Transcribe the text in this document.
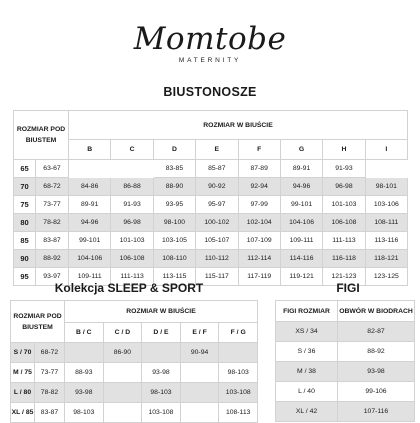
Momtobe
MATERNITY
BIUSTONOSZE
ROZMIAR POD BIUSTEM		ROZMIAR W BIUŚCIE							
		B	C	D	E	F	G	H	I
65	63-67			83-85	85-87	87-89	89-91	91-93	
70	68-72	84-86	86-88	88-90	90-92	92-94	94-96	96-98	98-101
75	73-77	89-91	91-93	93-95	95-97	97-99	99-101	101-103	103-106
80	78-82	94-96	96-98	98-100	100-102	102-104	104-106	106-108	108-111
85	83-87	99-101	101-103	103-105	105-107	107-109	109-111	111-113	113-116
90	88-92	104-106	106-108	108-110	110-112	112-114	114-116	116-118	118-121
95	93-97	109-111	111-113	113-115	115-117	117-119	119-121	121-123	123-125
Kolekcja SLEEP & SPORT
ROZMIAR POD BIUSTEM		ROZMIAR W BIUŚCIE				
		B / C	C / D	D / E	E / F	F / G
S / 70	68-72		86-90		90-94	
M / 75	73-77	88-93		93-98		98-103
L / 80	78-82	93-98		98-103		103-108
XL / 85	83-87	98-103		103-108		108-113
FIGI
FIGI ROZMIAR	OBWÓR W BIODRACH
XS / 34	82-87
S / 36	88-92
M / 38	93-98
L / 40	99-106
XL / 42	107-116
